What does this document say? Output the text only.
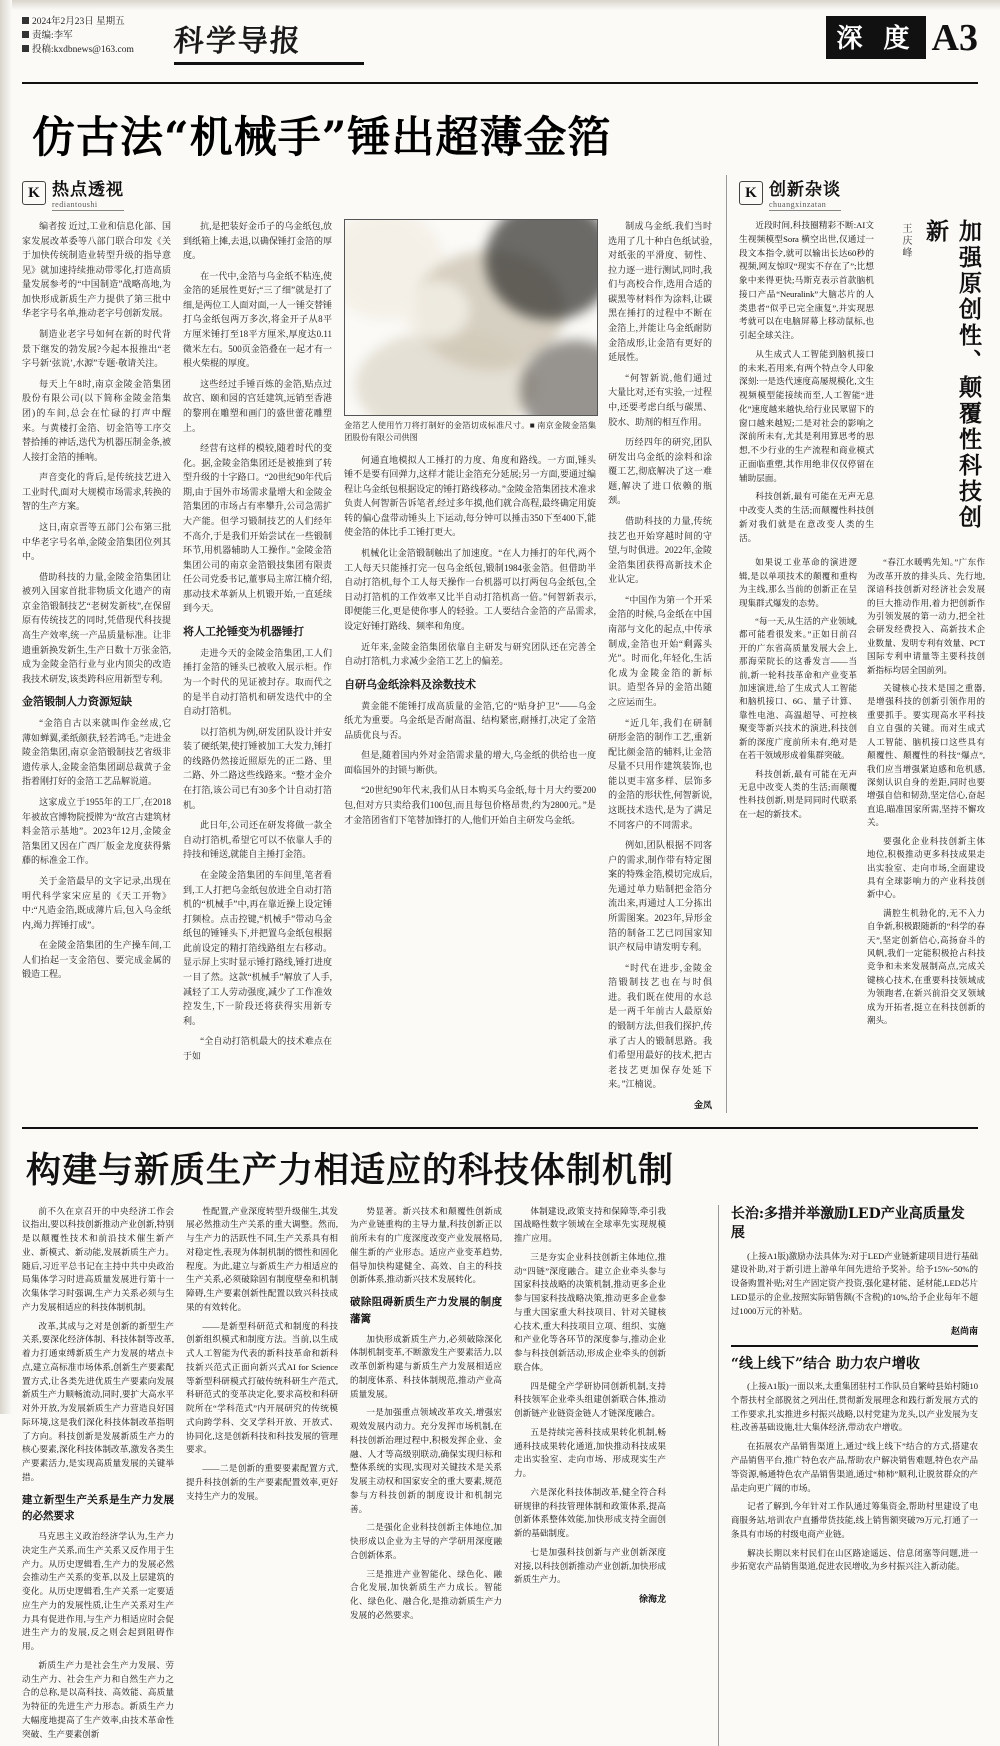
2024年2月23日 星期五
责编:李军
投稿:kxdbnews@163.com	科学导报	深 度 A3
仿古法“机械手”锤出超薄金箔
K 热点透视
rediantoushi

编者按 近过,工业和信息化部、国家发展改革委等八部门联合印发《关于加快传统制造业转型升级的指导意见》就加速持续推动带零化,打造高质量发展参考的“中国制造”战略高地,为加快形成新质生产力提供了第三批中华老字号名单,推动老字号创新发展。

制造业老字号如何在新的时代背景下继发的勃发展?今起本报推出“老字号新‘弦说’,水源”专题·敬请关注。

每天上午8时,南京金陵金箔集团股份有限公司(以下简称金陵金箔集团)的车间,总会在忙碌的打声中醒来。与黄楼打金箔、切金箔等工序交替拾捶的神话,迭代为机器压制金条,被人接打金箔的捶响。

声音变化的背后,是传统技艺进入工业时代,面对大规模市场需求,转换的智的生产方案。

这日,南京晋等五部门公布第三批中华老字号名单,金陵金箔集团位列其中。

借助科技的力量,金陵金箔集团让被列入国家首批非物质文化遗产的南京金箔锻制技艺“老树发新枝”,在保留原有传统技艺的同时,凭借现代科技提高生产效率,统一产品质量标准。让非遗重新换发新生,生产日数十万张金箔,成为金陵金箔行业与业内顶尖的改造我技术研发,该类跨科应用新型专利。

金箔锻制人力资源短缺

“金箔自古以来就叫作金丝成,它薄如蝉翼,柔纸颜获,轻若鸿毛。”走进金陵金箔集团,南京金箔锻制技艺省级非遗传承人,金陵金箔集团副总裁黄子金指着刚打好的金箔工艺品解说道。

这家成立于1955年的工厂,在2018年被故宫博物院授牌为“故宫古建筑材料金箔示基地”。2023年12月,金陵金箔集团又因在广西厂版金龙度获得紫藤的标准金工作。

关于金箔最早的文字记录,出现在明代科学家宋应星的《天工开物》中:“凡造金箔,既成薄片后,包入乌金纸内,竭力挥锤打成”。

在金陵金箔集团的生产操车间,工人们抬起一支金箔包、要完成金属的锻造工程。

抗,是把装好金币子的乌金纸包,放到纸箱上摊,去退,以确保锤打金箔的厚度。

在一代中,金箔与乌金纸不粘连,使金箔的延展性更好;“三了细”就是打了细,是两位工人面对面,一人一锤交替锤打乌金纸包两万多次,将金开子从8平方厘米锤打至18平方厘米,厚度达0.11微米左右。500页金箔叠在一起才有一根火柴棍的厚度。

这些经过手锤百炼的金箔,贴点过故宫、颐和园的宫廷建筑,远销至香港的黎刑在雕塑和画门的盛世蕾花雕塑上。

经营有这样的模较,随着时代的变化。据,金陵金箔集团还是被推到了转型升级的十字路口。“20世纪90年代后期,由于国外市场需求量增大和金陵金箔集团的市场占有率攀升,公司急需扩大产能。但学习锻制技艺的人们经年不高介,于是我们开始尝试在一些锻制环节,用机器辅助人工操作。”金陵金箔集团公司的南京金箔锻技集团有限责任公司党委书记,董事局主席江楠介绍,那动技术革新从上机锻开始,一直延续到今天。

将人工抡锤变为机器锤打

走进今天的金陵金箔集团,工人们捶打金箔的锤头已被收入展示柜。作为一个时代的见证被封存。取而代之的是半自动打箔机和研发迭代中的全自动打箔机。

以打箔机为例,研发团队设计并安装了硬纸架,使打锤被加工大发力,锤打的线路仍然接近照原先的正二路、里二路、外二路这些线路来。“整才金介在打箔,该公司已有30多个计自动打箔机。

此日年,公司还在研发将做一款全自动打箔机,希望它可以不依靠人手的持技和锤送,就能自主捶打金箔。

在金陵金箔集团的车间里,笔者看到,工人打把乌金纸包放进全自动打箔机的“机械手”中,再在靠近操上设定锤打频检。点击控键,“机械手”带动乌金纸包的锤锤头下,并把置乌金纸包根据此前设定的精打箔线路组左右移动。显示屏上实时显示锤打路线,锤打进度一目了然。这款“机械手”解放了人手,减轻了工人劳动强度,减少了工作准效控发生,下一阶段还将获得实用新专利。

“全自动打箔机最大的技术难点在于如

金箔艺人使用竹刀将打制好的金箔切成标准尺寸。■ 南京金陵金箔集团股份有限公司供图

何通直地模拟人工捶打的力度、角度和路线。一方面,锤头锤不是要有回弹力,这样才能让金箔充分延展;另一方面,要通过编程让乌金纸包根据设定的锤打路线移动。”金陵金箔集团技术准求负责人何智新告诉笔者,经过多年摸,他们就合高程,最终确定用旋转的偏心盘带动锤头上下运动,每分钟可以捶击350下至400下,能使金箔的体比手工锤打更大。

机械化让金箔锻制触出了加速度。“在人力捶打的年代,两个工人每天只能捶打完一包乌金纸包,锻制1984张金箔。但借助半自动打箔机,每个工人每天操作一台机器可以打两包乌金纸包,全日动打箔机的工作效率又比半自动打箔机高一倍。”何智新表示,即便能三化,更是使你事人的轻验。工人要结合金箔的产品需求,设定好锤打路线、频率和角度。

近年来,金陵金箔集团依靠自主研发与研究团队还在完善全自动打箔机,力求减少金箔工艺上的偏差。

自研乌金纸涂料及涂数技术

黄金能不能锤打成高质量的金箔,它的“贴身护卫”——乌金纸尤为重要。乌金纸是否耐高温、结构紧密,耐捶打,决定了金箔品质优良与否。

但是,随着国内外对金箔需求量的增大,乌金纸的供给也一度面临国外的封锁与断供。

“20世纪90年代末,我们从日本购买乌金纸,每十月大约要200包,但对方只卖给我们100包,而且每包价格昂贵,约为2800元。”是才金箔团省们下笔替加锋打的人,他们开始自主研发乌金纸。

制成乌金纸.我们当时选用了几十种白色纸试验,对纸张的平滑度、韧性、拉力逐一进行测试,同时,我们与高校合作,选用合适的碳黑等材料作为涂料,让碳黑在捶打的过程中不断在金箔上,并能让乌金纸耐防金箔成形,让金箔有更好的延展性。

“何智新说,他们通过大量比对,还有实验,一过程中,还要考虑白纸与碳黑、胶水、助剂的相互作用。

历经四年的研究,团队研发出乌金纸的涂料和涂覆工艺,彻底解决了这一难题,解决了进口依赖的瓶颈。

借助科技的力量,传统技艺也开始穿越时间的守望,与时俱进。2022年,金陵金箔集团获得高新技术企业认定。

“中国作为第一个开采金箔的时候,乌金纸在中国南部与文化的起点,中传承制成,金箔也开始“剩露头光”。时而化,年轻化,生活化成为金陵金箔的新标识。造型各异的金箔出随之应运而生。

“近几年,我们在研制研形金箔的制作工艺,重新配比颜金箔的辅料,让金箔尽量不只用作建筑装饰,也能以更丰富多样、层饰多的金箔的形状性,何智新说,这既技术迭代,是为了满足不同客户的不同需求。

例如,团队根据不同客户的需求,制作带有特定图案的特殊金箔,模切完成后,先通过单力贴制把金箔分流出来,再通过人工分拣出所需图案。2023年,异形金箔的制备工艺已同国家知识产权局申请发明专利。

“时代在进步,金陵金箔锻制技艺也在与时俱进。我们既在使用的水总是一两千年前古人最原始的锻制方法,但我们探护,传承了古人的锻制思路。我们希望用最好的技术,把古老技艺更加保存处延下来。”江楠说。

金凤
K 创新杂谈
chuangxinzatan
加强原创性、颠覆性科技创新
王庆峰

近段时间,科技圈精彩不断:AI文生视频模型Sora 横空出世,仅通过一段文本指令,就可以输出长达60秒的视频,网友惊叹“现实不存在了”;比想象中来得更快;马斯克表示首款脑机接口产品“Neuralink”大脑芯片的人类患者“似乎已完全康复”,并实现思考就可以在电脑屏幕上移动鼠标,也引起全球关注。

从生成式人工智能到脑机接口的未来,若用来,有两个特点令人印象深刻:一是迭代速度高屡规模化,文生视频模型能接续而至,人工智能“进化”速度越来越快,给行业民眾留下的窗口越来越短;二是对社会的影响之深前所未有,尤其是利用算思考的思想,不少行业的生产流程和商业模式正面临重塑,其作用绝非仅仅停留在辅助层面。

科技创新,最有可能在无声无息中改变人类的生活;而颠覆性科技创新对我们就是在意改变人类的生活。

如果说工业革命的演进逻辑,是以单项技术的颠覆和重构为主线,那么当前的创新正在呈现集群式爆发的态势。

“每一天,从生活的产业领域,都可能看很发来。”正如日前召开的广东省高质量发展大会上,那海荣院长的这番发言——当前,新一轮科技革命和产业变革加速演进,给了生成式人工智能和脑机接口、6G、量子计算、靠性电池、高温超导、可控核聚变等新兴技术的演进,科技创新的深度广度前所未有,绝对是在若干领域形成着集群突破。

科技创新,最有可能在无声无息中改变人类的生活;而颠覆性科技创新,则是同同时代联系在一起的新技术。

“春江水暖鸭先知。”广东作为改革开放的排头兵、先行地,深谙科技创新对经济社会发展的巨大推动作用,着力把创新作为引领发展的第一动力,把全社会研发经费投入、高新技术企业数量、发明专利有效量、PCT国际专利申请量等主要科技创新指标均居全国前列。

关键核心技术是国之重器,是增强科技的创新引领作用的重要抓手。要实现高水平科技自立自强的关键。而对生成式人工智能、脑机接口这些具有颠覆性、颠覆性的科技“爆点”,我们应当增强紧迫感和危机感,深刻认识自身的差距,同时也要增强自信和韧劲,坚定信心,奋起直追,瞄准国家所需,坚持不懈攻关。

要强化企业科技创新主体地位,积极推动更多科技成果走出实验室、走向市场,全面建设具有全球影响力的产业科技创新中心。

满腔生机勃化的,无不入力自争新,积极跟随新的“科学的春天”,坚定创新信心,高扬奋斗的风帆,我们一定能积极抢占科技竞争和未来发展制高点,完成关键核心技术,在重要科技领域成为领跑者,在新兴前沿交叉领域成为开拓者,挺立在科技创新的潮头。

构建与新质生产力相适应的科技体制机制

前不久在京召开的中央经济工作会议指出,要以科技创新推动产业创新,特别是以颠覆性技术和前沿技术催生新产业、新模式、新动能,发展新质生产力。随后,习近平总书记在主持中共中央政治局集体学习时进高质量发展进行第十一次集体学习时强调,生产力关系必须与生产力发展相适应的科技体制机制。

改革,其成与之对是创新的新型生产关系,要深化经济体制、科技体制等改革,着力打通束缚新质生产力发展的堵点卡点,建立高标准市场体系,创新生产要素配置方式,让各类先进优质生产要素向发展新质生产力顺畅流动,同时,要扩大高水平对外开放,为发展新质生产力营造良好国际环境,这是我们深化科技体制改革指明了方向。科技创新是发展新质生产力的核心要素,深化科技体制改革,激发各类生产要素活力,是实现高质量发展的关键举措。

建立新型生产关系是生产力发展的必然要求

马克思主义政治经济学认为,生产力决定生产关系,而生产关系又反作用于生产力。从历史逻辑看,生产力的发展必然会推动生产关系的变革,以及上层建筑的变化。从历史逻辑看,生产关系一定要适应生产力的发展性质,让生产关系对生产力具有促进作用,与生产力相适应时会促进生产力的发展,反之则会起到阻碍作用。

新质生产力是社会生产力发展、劳动生产力、社会生产力和自然生产力之合的总称,是以高科技、高效能、高质量为特征的先进生产力形态。新质生产力大幅度地提高了生产效率,由技术革命性突破、生产要素创新

性配置,产业深度转型升级催生,其发展必然推动生产关系的重大调整。然而,与生产力的活跃性不同,生产关系具有相对稳定性,表现为体制机制的惯性和固化程度。为此,建立与新质生产力相适应的生产关系,必须破除固有制度壁垒和机制障碍,生产要素创新性配置以致兴科技成果的有效转化。

——是新型科研范式和制度的科技创新组织模式和制度方法。当前,以生成式人工智能为代表的新科技革命和新科技新兴范式正面向新兴式AI for Science等新型科研模式打破传统科研生产范式,科研范式的变革决定化,要求高校和科研院所在“学科范式”内开展研究的传统模式向跨学科、交叉学科开放、开放式、协同化,这是创新科技和科技发展的管理要求。

——二是创新的重要要素配置方式,提升科技创新的生产要素配置效率,更好支持生产力的发展。

势显著。新兴技术和颠覆性创新成为产业链重构的主导力量,科技创新正以前所未有的广度深度改变产业发展格局,催生新的产业形态。适应产业变革趋势,倡导加快构建健全、高效、自主的科技创新体系,推动新兴技术发展转化。

破除阻碍新质生产力发展的制度藩篱

加快形成新质生产力,必须破除深化体制机制变革,不断激发生产要素活力,以改革创新构建与新质生产力发展相适应的制度体系、科技体制规范,推动产业高质量发展。

一是加强重点领域改革攻关,增强宏观效发展内动力。充分发挥市场机制,在科技创新治理过程中,积极发挥企业、金融、人才等高级别联动,确保实现归标和整体系统的实现,实现对关键技术是关系发展主动权和国家安全的重大要素,规范参与方科技创新的制度设计和机制完善。

二是强化企业科技创新主体地位,加快形成以企业为主导的产学研用深度融合创新体系。

三是推进产业智能化、绿色化、融合化发展,加快新质生产力成长。智能化、绿色化、融合化,是推动新质生产力发展的必然要求。

体制建设,政策支持和保障等,牵引我国战略性数字领域在全球率先实现规模推广应用。

三是夯实企业科技创新主体地位,推动“四链”深度融合。建立企业牵头参与国家科技战略的决策机制,推动更多企业参与国家科技战略决策,推动更多企业参与重大国家重大科技项目、针对关键核心技术,重大科技项目立项、组织、实施和产业化等各环节的深度参与,推动企业参与科技创新活动,形成企业牵头的创新联合体。

四是健全产学研协同创新机制,支持科技领军企业牵头组建创新联合体,推动创新链产业链资金链人才链深度融合。

五是持续完善科技成果转化机制,畅通科技成果转化通道,加快推动科技成果走出实验室、走向市场、形成现实生产力。

六是深化科技体制改革,健全符合科研规律的科技管理体制和政策体系,提高创新体系整体效能,加快形成支持全面创新的基础制度。

七是加强科技创新与产业创新深度对接,以科技创新推动产业创新,加快形成新质生产力。

徐海龙
长治:多措并举激励LED产业高质量发展

(上接A1版)激励办法具体为:对于LED产业链新建项目进行基础建设补助,对于新引进上游单年间先进给予奖补。给予15%~50%的设备购置补贴;对生产固定资产投资,强化建材能、延材能,LED芯片LED显示的企业,按照实际销售额(不含税)的10%,给予企业每年不超过1000万元的补贴。

赵尚南
“线上线下”结合 助力农户增收

(上接A1版)一面以来,太重集团驻村工作队员自繁峙县始村随10个帮扶村全部脱贫之列出任,贯彻新发展理念和践行新发展方式的工作要求,扎实推进乡村振兴战略,以村党建为龙头,以产业发展为支柱,改善基础设施,壮大集体经济,带动农户增收。

在拓展农产品销售渠道上,通过“线上线下”结合的方式,搭建农产品销售平台,推广特色农产品,帮助农户解决销售难题,特色农产品等资源,畅通特色农产品销售渠道,通过“柿柿”顺利,让脱贫群众的产品走向更广阔的市场。

记者了解到,今年针对工作队通过筹集资金,帮助村里建设了电商服务站,培训农户直播带货技能,线上销售额突破79万元,打通了一条具有市场的村级电商产业链。

解决长期以来村民们在山区路途遥远、信息闭塞等问题,进一步拓宽农产品销售渠道,促进农民增收,为乡村振兴注入新动能。
